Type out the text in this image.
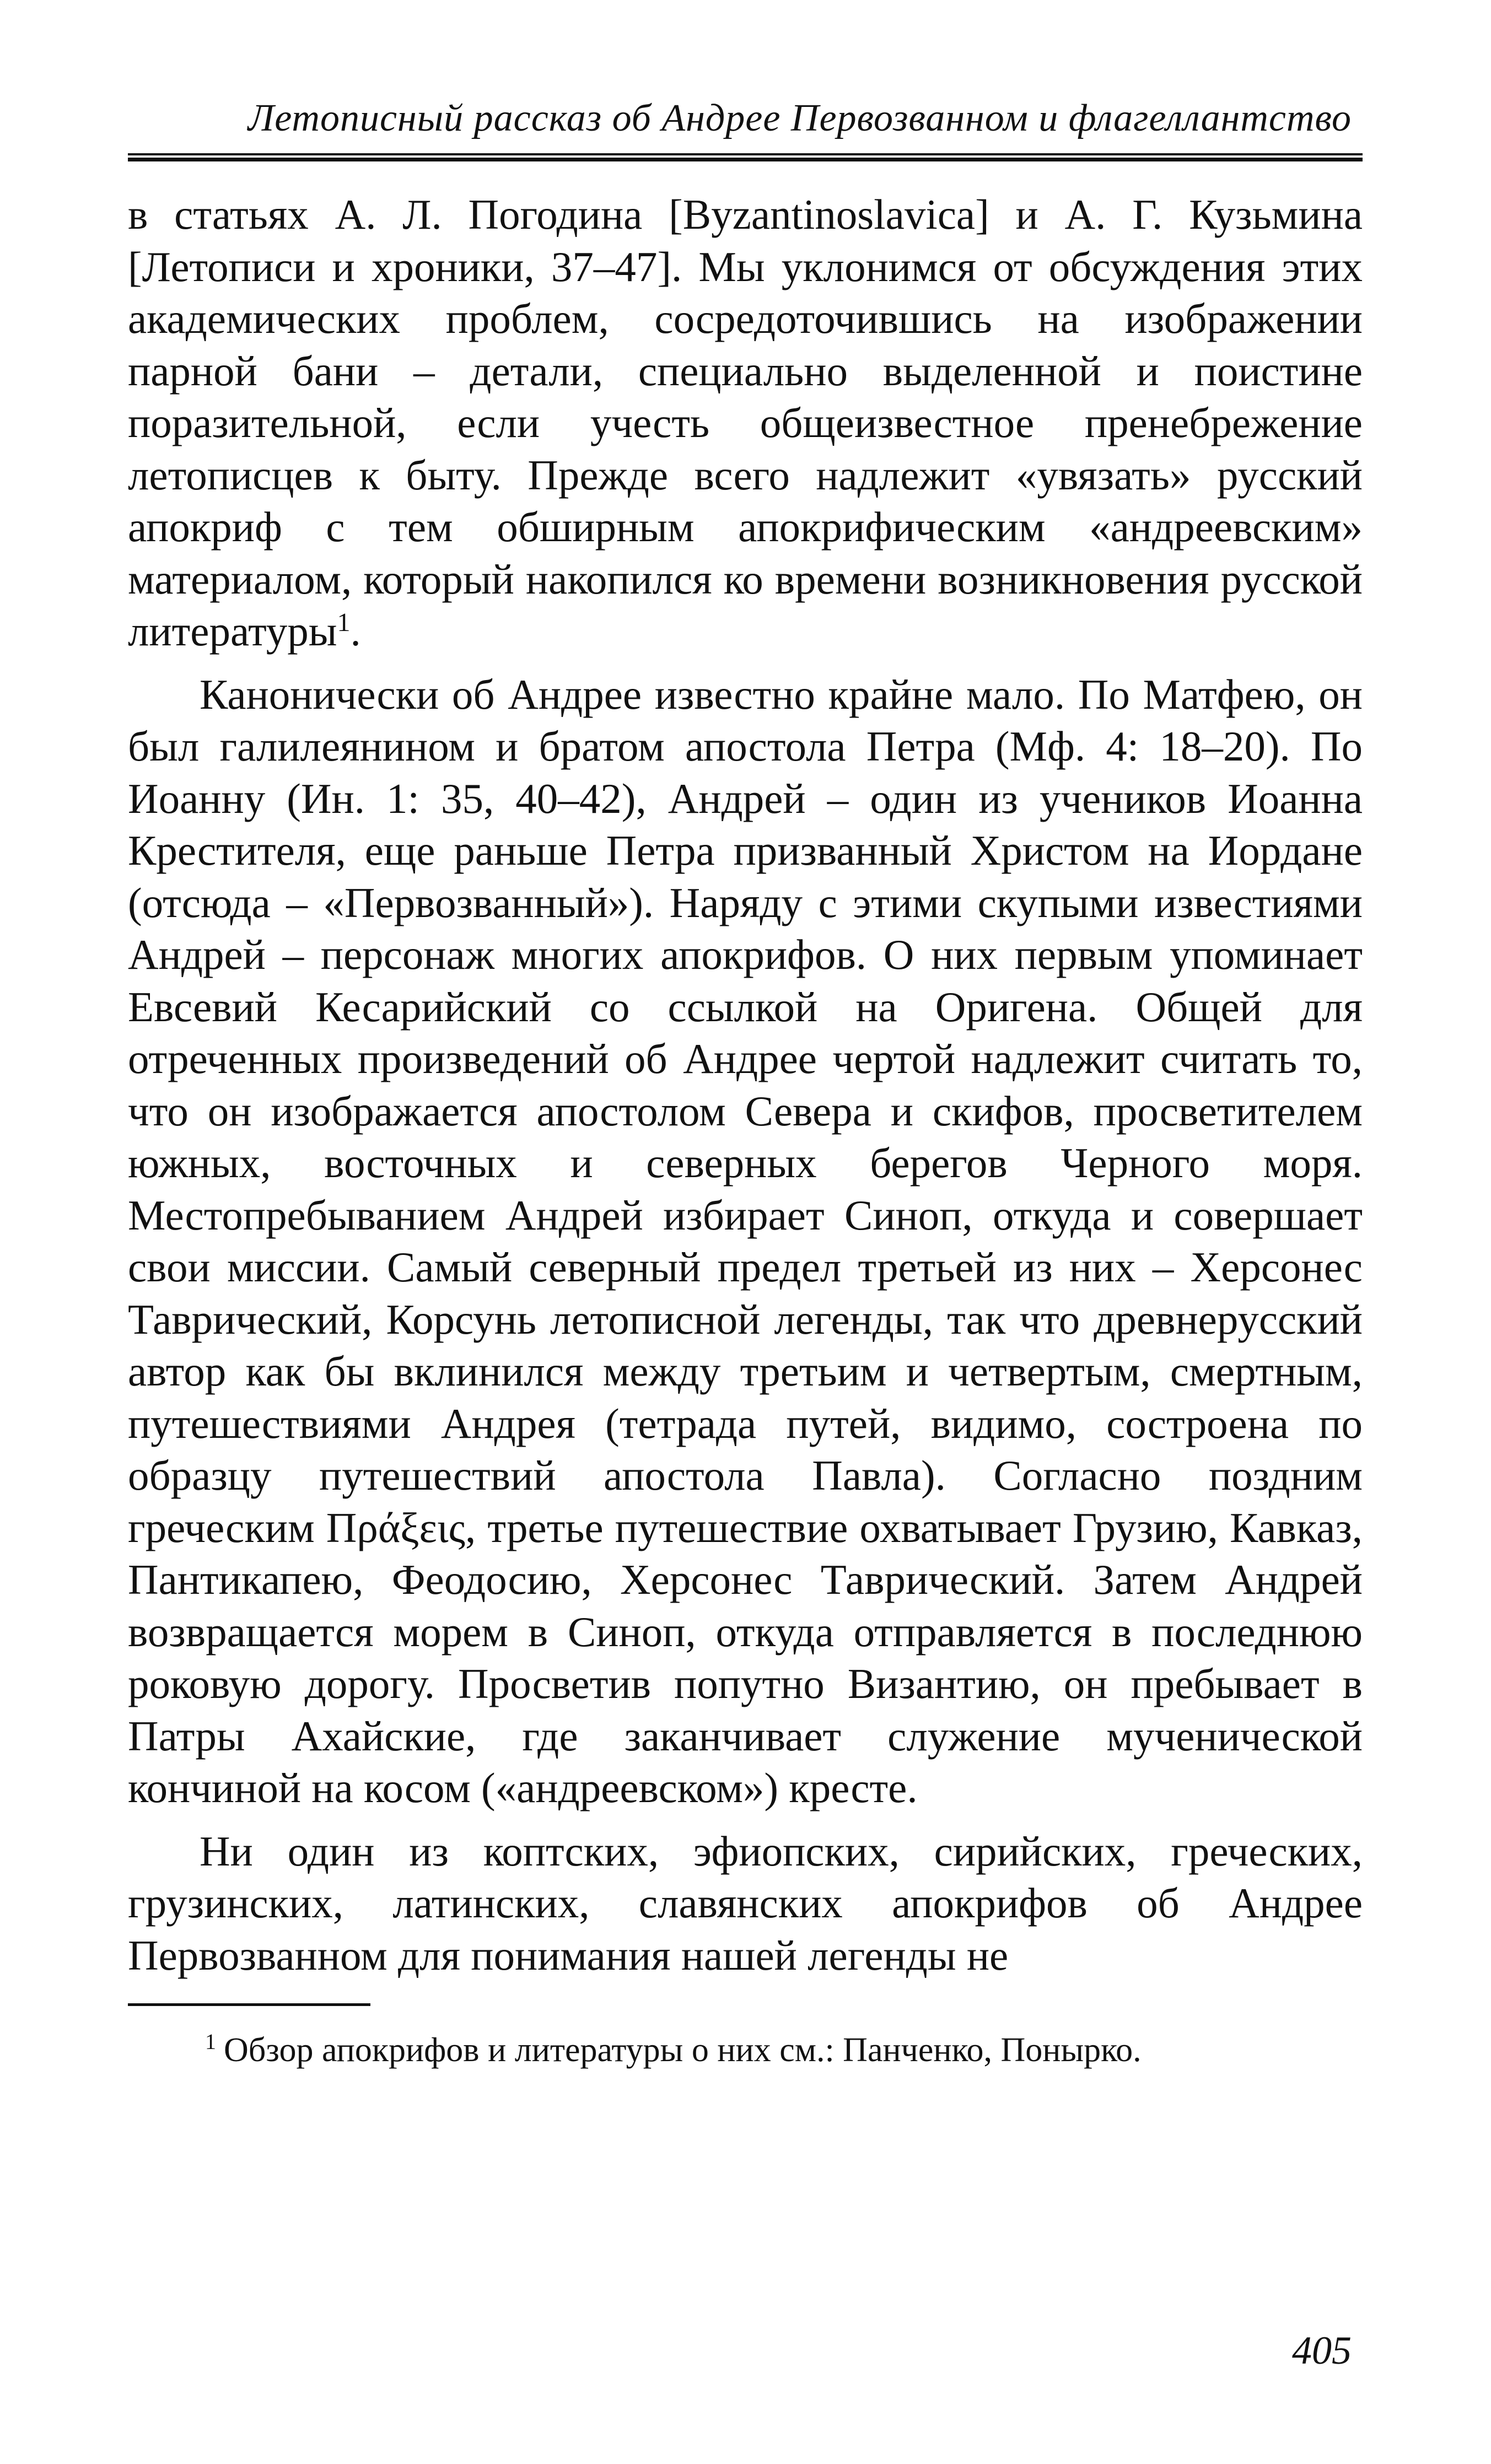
Летописный рассказ об Андрее Первозванном и флагеллантство

в статьях А. Л. Погодина [Byzantinoslavica] и А. Г. Кузьмина [Летописи и хроники, 37–47]. Мы уклонимся от обсуждения этих академических проблем, сосредоточившись на изображении парной бани – детали, специально выделенной и поистине поразительной, если учесть общеизвестное пренебрежение летописцев к быту. Прежде всего надлежит «увязать» русский апокриф с тем обширным апокрифическим «андреевским» материалом, который накопился ко времени возникновения русской литературы$^1$.

Канонически об Андрее известно крайне мало. По Матфею, он был галилеянином и братом апостола Петра (Мф. 4: 18–20). По Иоанну (Ин. 1: 35, 40–42), Андрей – один из учеников Иоанна Крестителя, еще раньше Петра призванный Христом на Иордане (отсюда – «Первозванный»). Наряду с этими скупыми известиями Андрей – персонаж многих апокрифов. О них первым упоминает Евсевий Кесарийский со ссылкой на Оригена. Общей для отреченных произведений об Андрее чертой надлежит считать то, что он изображается апостолом Севера и скифов, просветителем южных, восточных и северных берегов Черного моря. Местопребыванием Андрей избирает Синоп, откуда и совершает свои миссии. Самый северный предел третьей из них – Херсонес Таврический, Корсунь летописной легенды, так что древнерусский автор как бы вклинился между третьим и четвертым, смертным, путешествиями Андрея (тетрада путей, видимо, состроена по образцу путешествий апостола Павла). Согласно поздним греческим Πράξεις, третье путешествие охватывает Грузию, Кавказ, Пантикапею, Феодосию, Херсонес Таврический. Затем Андрей возвращается морем в Синоп, откуда отправляется в последнюю роковую дорогу. Просветив попутно Византию, он пребывает в Патры Ахайские, где заканчивает служение мученической кончиной на косом («андреевском») кресте.

Ни один из коптских, эфиопских, сирийских, греческих, грузинских, латинских, славянских апокрифов об Андрее Первозванном для понимания нашей легенды не

$^1$ Обзор апокрифов и литературы о них см.: Панченко, Понырко.
405
